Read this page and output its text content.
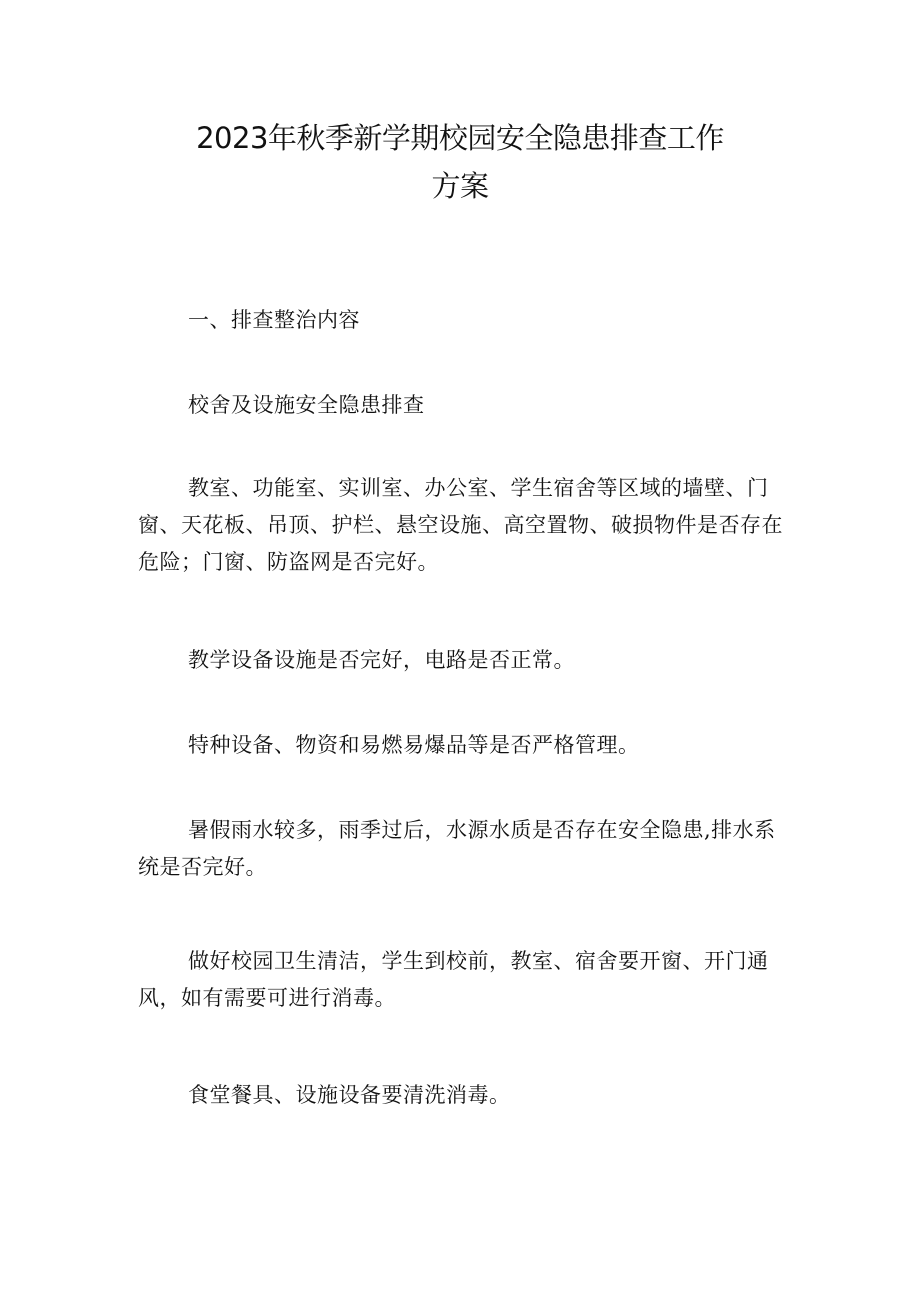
2023年秋季新学期校园安全隐患排查工作
方案

一、排查整治内容

校舍及设施安全隐患排查

教室、功能室、实训室、办公室、学生宿舍等区域的墙壁、门窗、天花板、吊顶、护栏、悬空设施、高空置物、破损物件是否存在危险；门窗、防盗网是否完好。

教学设备设施是否完好，电路是否正常。

特种设备、物资和易燃易爆品等是否严格管理。

暑假雨水较多，雨季过后，水源水质是否存在安全隐患,排水系统是否完好。

做好校园卫生清洁，学生到校前，教室、宿舍要开窗、开门通风，如有需要可进行消毒。

食堂餐具、设施设备要清洗消毒。
